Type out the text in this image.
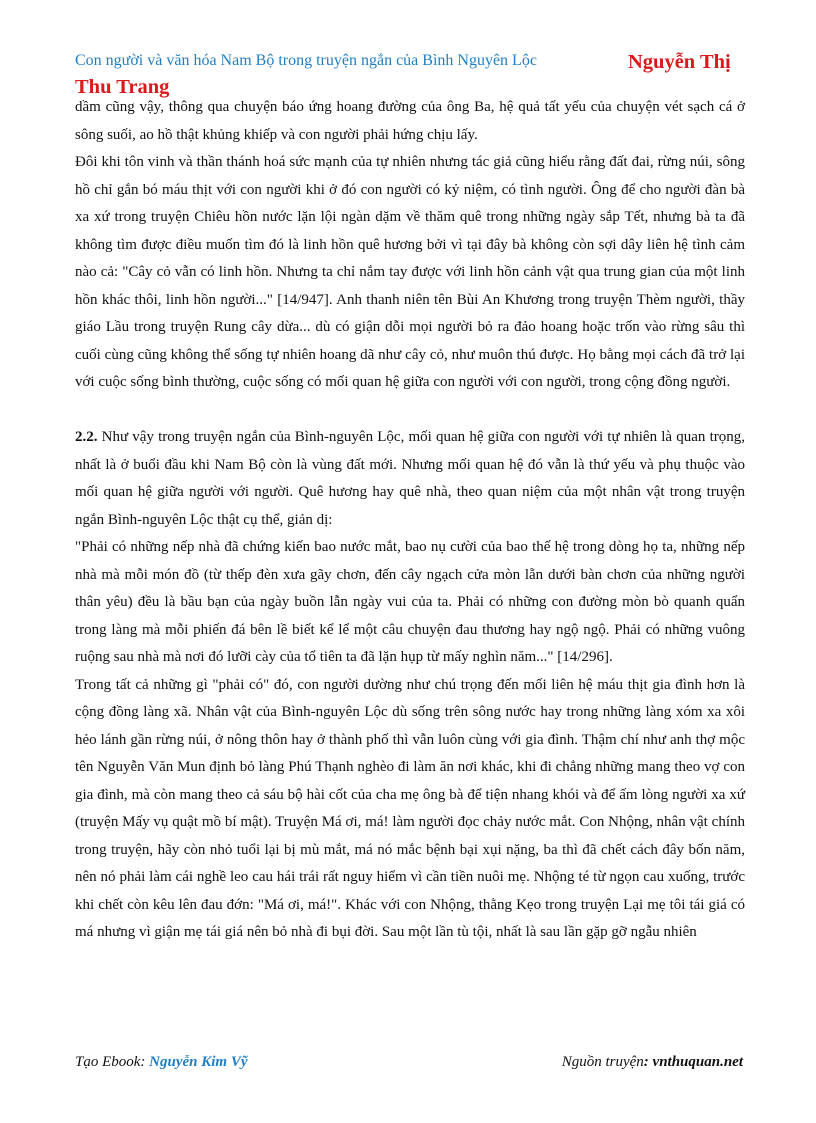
Nguyễn Thị Thu Trang
Con người và văn hóa Nam Bộ trong truyện ngắn của Bình Nguyên Lộc

dầm cũng vậy, thông qua chuyện báo ứng hoang đường của ông Ba, hệ quả tất yếu của chuyện vét sạch cá ở sông suối, ao hồ thật khủng khiếp và con người phải hứng chịu lấy.

Đôi khi tôn vinh và thần thánh hoá sức mạnh của tự nhiên nhưng tác giả cũng hiểu rằng đất đai, rừng núi, sông hồ chỉ gắn bó máu thịt với con người khi ở đó con người có kỷ niệm, có tình người. Ông để cho người đàn bà xa xứ trong truyện Chiêu hồn nước lặn lội ngàn dặm về thăm quê trong những ngày sắp Tết, nhưng bà ta đã không tìm được điều muốn tìm đó là linh hồn quê hương bởi vì tại đây bà không còn sợi dây liên hệ tình cảm nào cả: "Cây cỏ vẫn có linh hồn. Nhưng ta chỉ nắm tay được với linh hồn cảnh vật qua trung gian của một linh hồn khác thôi, linh hồn người..." [14/947]. Anh thanh niên tên Bùi An Khương trong truyện Thèm người, thầy giáo Lầu trong truyện Rung cây dừa... dù có giận dỗi mọi người bỏ ra đảo hoang hoặc trốn vào rừng sâu thì cuối cùng cũng không thể sống tự nhiên hoang dã như cây cỏ, như muôn thú được. Họ bằng mọi cách đã trở lại với cuộc sống bình thường, cuộc sống có mối quan hệ giữa con người với con người, trong cộng đồng người.

2.2. Như vậy trong truyện ngắn của Bình-nguyên Lộc, mối quan hệ giữa con người với tự nhiên là quan trọng, nhất là ở buổi đầu khi Nam Bộ còn là vùng đất mới. Nhưng mối quan hệ đó vẫn là thứ yếu và phụ thuộc vào mối quan hệ giữa người với người. Quê hương hay quê nhà, theo quan niệm của một nhân vật trong truyện ngắn Bình-nguyên Lộc thật cụ thể, giản dị:

"Phải có những nếp nhà đã chứng kiến bao nước mắt, bao nụ cười của bao thế hệ trong dòng họ ta, những nếp nhà mà mỗi món đồ (từ thếp đèn xưa gãy chơn, đến cây ngạch cửa mòn lẵn dưới bàn chơn của những người thân yêu) đều là bầu bạn của ngày buồn lẫn ngày vui của ta. Phải có những con đường mòn bò quanh quẩn trong làng mà mỗi phiến đá bên lề biết kể lể một câu chuyện đau thương hay ngộ ngộ. Phải có những vuông ruộng sau nhà mà nơi đó lưỡi cày của tổ tiên ta đã lặn hụp từ mấy nghìn năm..." [14/296].

Trong tất cả những gì "phải có" đó, con người dường như chú trọng đến mối liên hệ máu thịt gia đình hơn là cộng đồng làng xã. Nhân vật của Bình-nguyên Lộc dù sống trên sông nước hay trong những làng xóm xa xôi hẻo lánh gần rừng núi, ở nông thôn hay ở thành phố thì vẫn luôn cùng với gia đình. Thậm chí như anh thợ mộc tên Nguyễn Văn Mun định bỏ làng Phú Thạnh nghèo đi làm ăn nơi khác, khi đi chẳng những mang theo vợ con gia đình, mà còn mang theo cả sáu bộ hài cốt của cha mẹ ông bà để tiện nhang khói và để ấm lòng người xa xứ (truyện Mấy vụ quật mồ bí mật). Truyện Má ơi, má! làm người đọc chảy nước mắt. Con Nhộng, nhân vật chính trong truyện, hãy còn nhỏ tuổi lại bị mù mắt, má nó mắc bệnh bại xụi nặng, ba thì đã chết cách đây bốn năm, nên nó phải làm cái nghề leo cau hái trái rất nguy hiểm vì cần tiền nuôi mẹ. Nhộng té từ ngọn cau xuống, trước khi chết còn kêu lên đau đớn: "Má ơi, má!". Khác với con Nhộng, thằng Kẹo trong truyện Lại mẹ tôi tái giá có má nhưng vì giận mẹ tái giá nên bỏ nhà đi bụi đời. Sau một lần tù tội, nhất là sau lần gặp gỡ ngẫu nhiên

Tạo Ebook: Nguyễn Kim Vỹ	Nguồn truyện: vnthuquan.net
